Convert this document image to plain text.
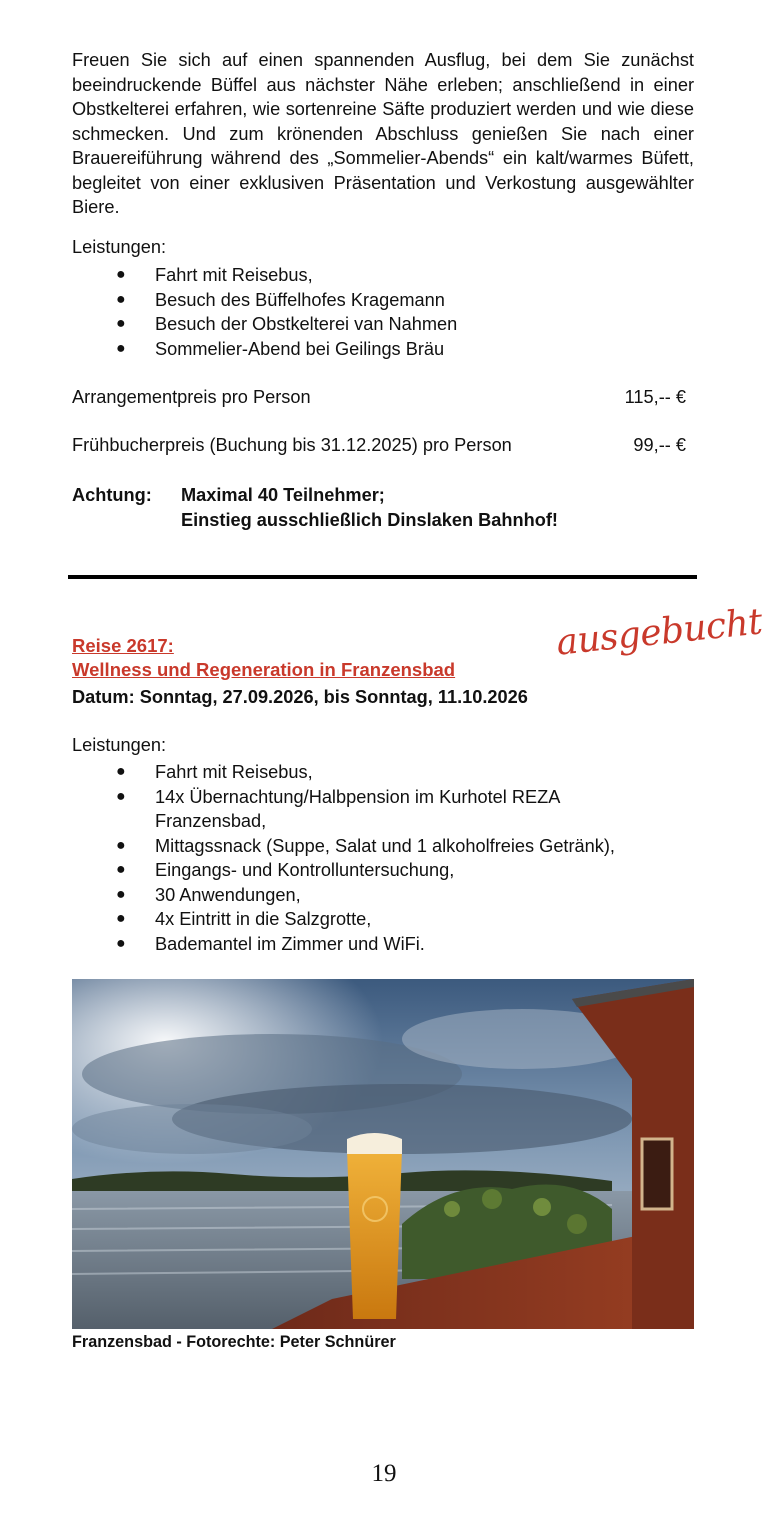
Freuen Sie sich auf einen spannenden Ausflug, bei dem Sie zunächst beeindruckende Büffel aus nächster Nähe erleben; anschließend in einer Obstkelterei erfahren, wie sortenreine Säfte produziert werden und wie diese schmecken. Und zum krönenden Abschluss genießen Sie nach einer Brauereiführung während des „Sommelier-Abends“ ein kalt/warmes Büfett, begleitet von einer exklusiven Präsentation und Verkostung ausgewählter Biere.

Leistungen:

● Fahrt mit Reisebus,
● Besuch des Büffelhofes Kragemann
● Besuch der Obstkelterei van Nahmen
● Sommelier-Abend bei Geilings Bräu
Arrangementpreis pro Person	115,-- €
Frühbucherpreis (Buchung bis 31.12.2025) pro Person	99,-- €
Achtung: Maximal 40 Teilnehmer;
Einstieg ausschließlich Dinslaken Bahnhof!
Reise 2617:
Wellness und Regeneration in Franzensbad
ausgebucht
Datum: Sonntag, 27.09.2026, bis Sonntag, 11.10.2026

Leistungen:

● Fahrt mit Reisebus,
● 14x Übernachtung/Halbpension im Kurhotel REZA Franzensbad,
● Mittagssnack (Suppe, Salat und 1 alkoholfreies Getränk),
● Eingangs- und Kontrolluntersuchung,
● 30 Anwendungen,
● 4x Eintritt in die Salzgrotte,
● Bademantel im Zimmer und WiFi.
Franzensbad - Fotorechte: Peter Schnürer
19
